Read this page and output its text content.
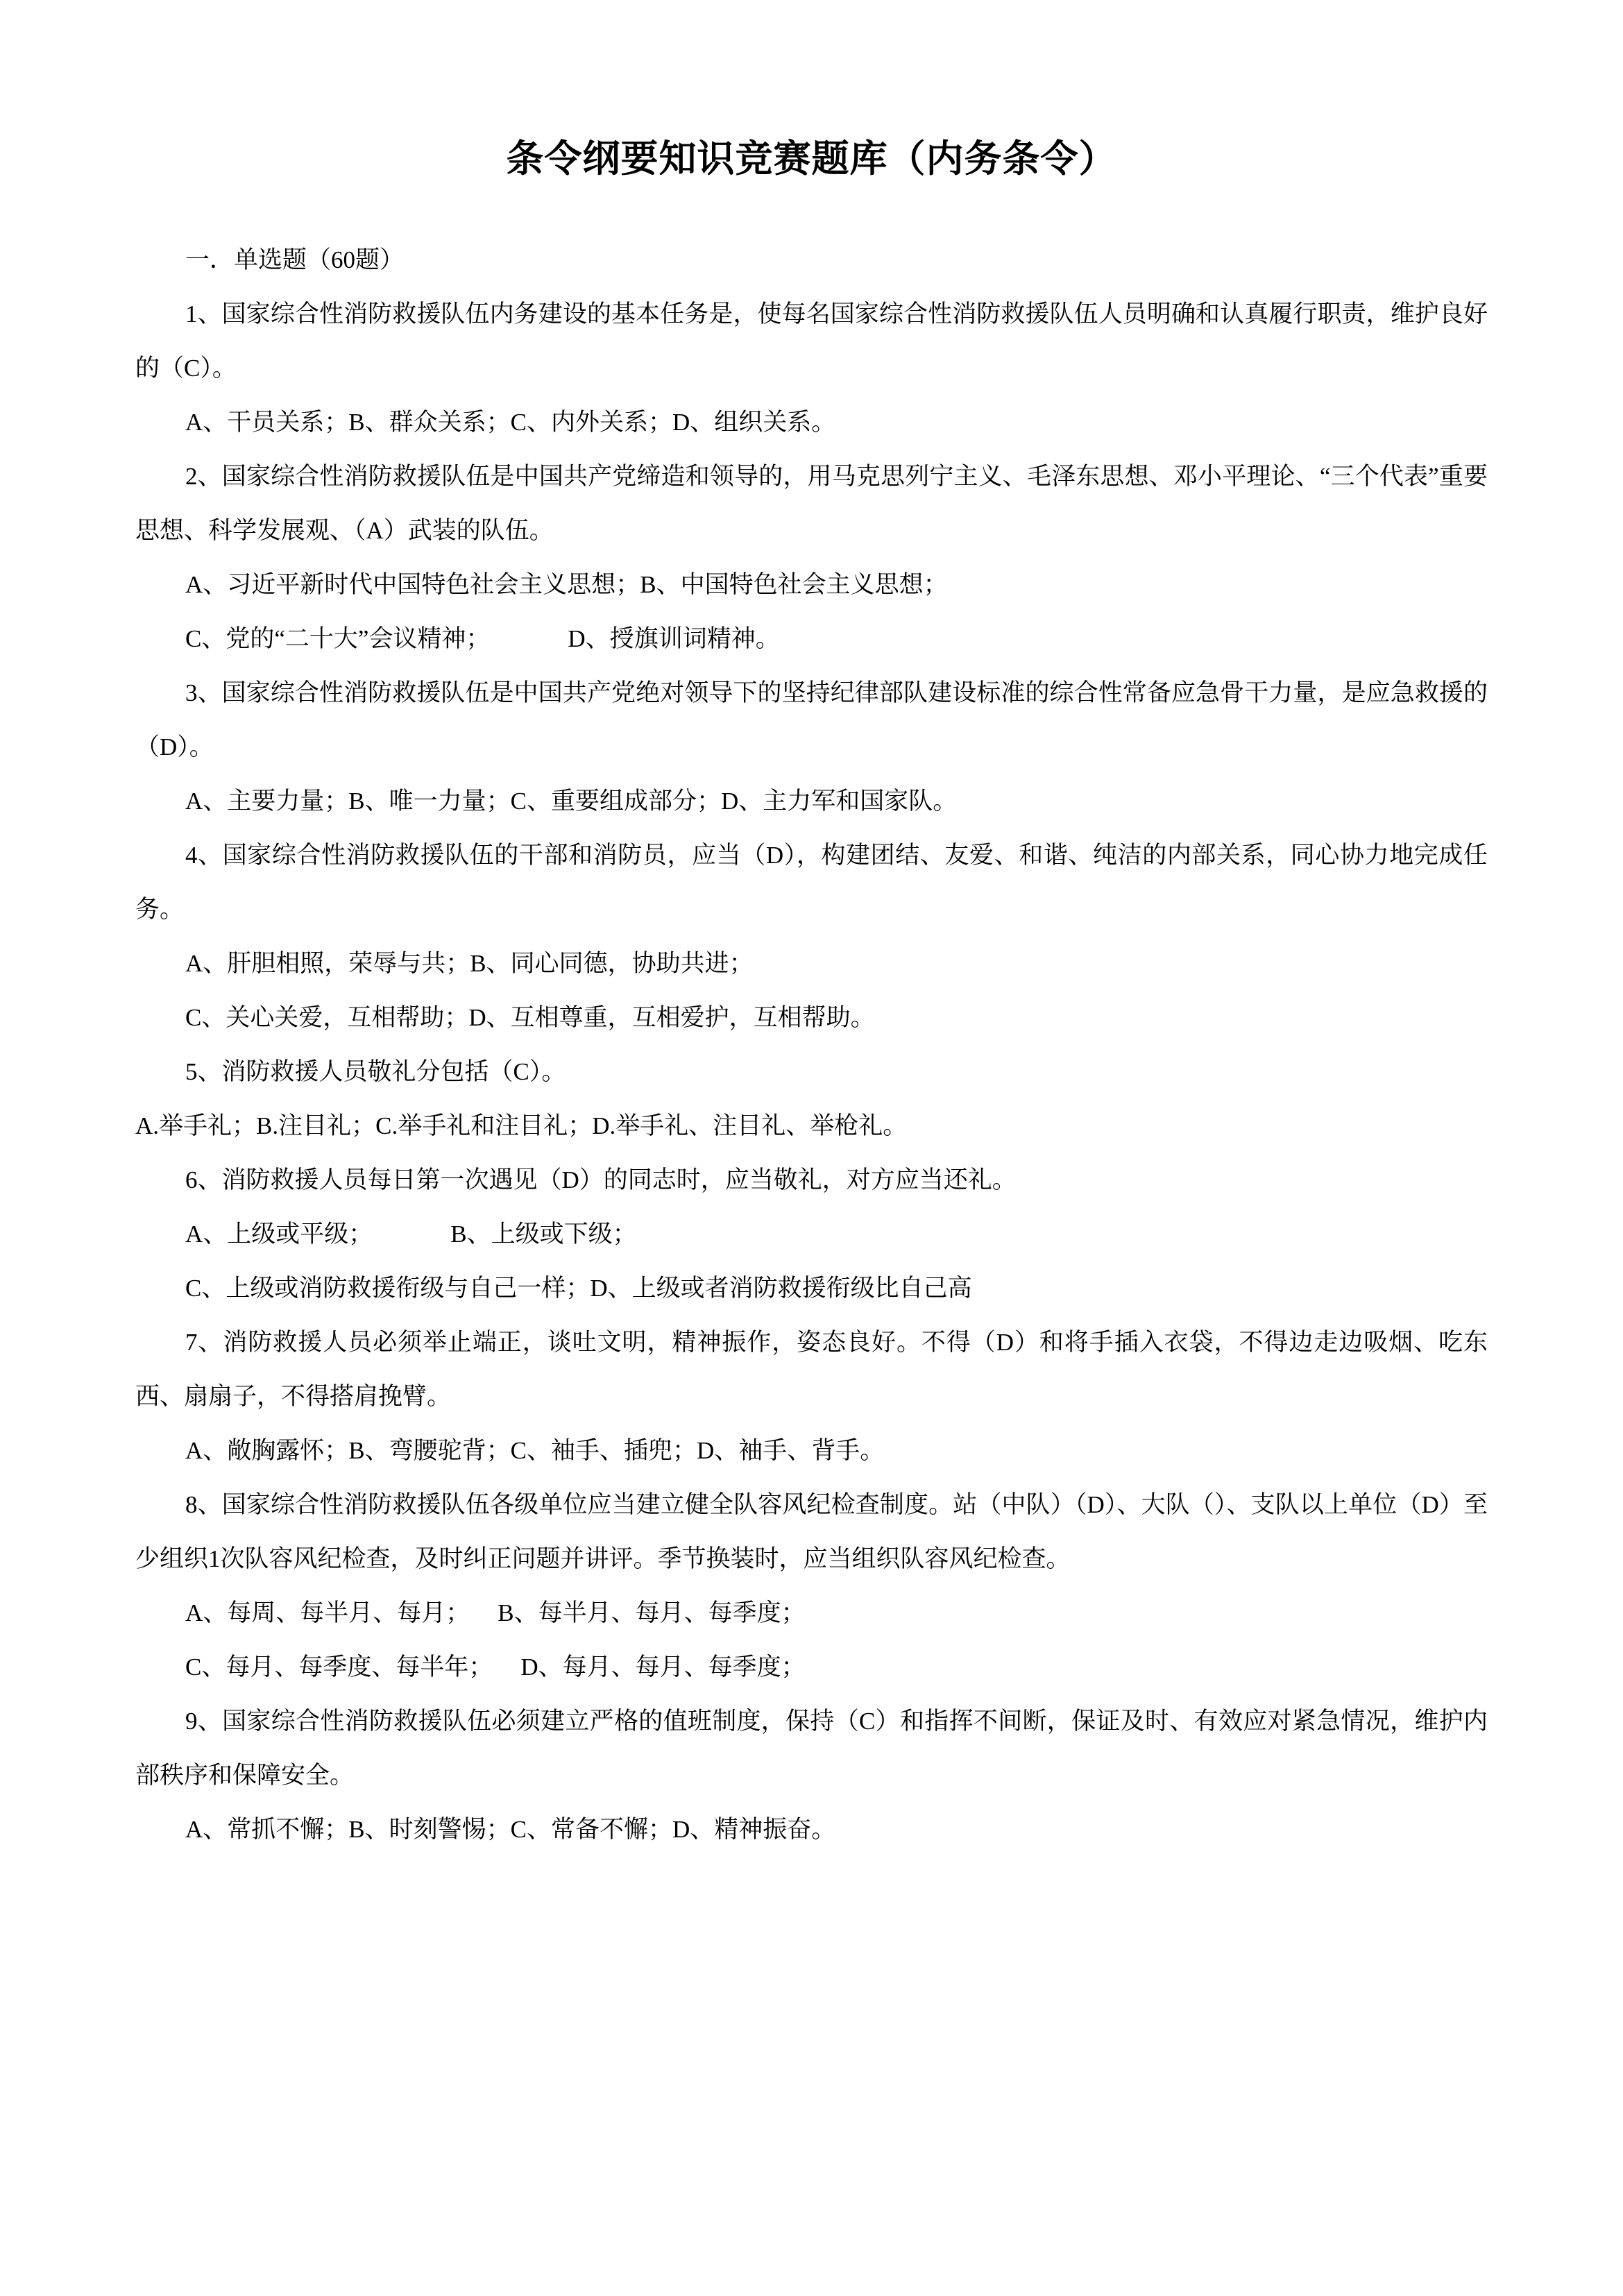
条令纲要知识竞赛题库（内务条令）

一．单选题（60题）

1、国家综合性消防救援队伍内务建设的基本任务是，使每名国家综合性消防救援队伍人员明确和认真履行职责，维护良好的（C）。

A、干员关系；B、群众关系；C、内外关系；D、组织关系。

2、国家综合性消防救援队伍是中国共产党缔造和领导的，用马克思列宁主义、毛泽东思想、邓小平理论、“三个代表”重要思想、科学发展观、（A）武装的队伍。

A、习近平新时代中国特色社会主义思想；B、中国特色社会主义思想；

C、党的“二十大”会议精神；	D、授旗训词精神。

3、国家综合性消防救援队伍是中国共产党绝对领导下的坚持纪律部队建设标准的综合性常备应急骨干力量，是应急救援的（D）。

A、主要力量；B、唯一力量；C、重要组成部分；D、主力军和国家队。

4、国家综合性消防救援队伍的干部和消防员，应当（D），构建团结、友爱、和谐、纯洁的内部关系，同心协力地完成任务。

A、肝胆相照，荣辱与共；B、同心同德，协助共进；

C、关心关爱，互相帮助；D、互相尊重，互相爱护，互相帮助。

5、消防救援人员敬礼分包括（C）。

A.举手礼；B.注目礼；C.举手礼和注目礼；D.举手礼、注目礼、举枪礼。

6、消防救援人员每日第一次遇见（D）的同志时，应当敬礼，对方应当还礼。

A、上级或平级；	B、上级或下级；

C、上级或消防救援衔级与自己一样；D、上级或者消防救援衔级比自己高

7、消防救援人员必须举止端正，谈吐文明，精神振作，姿态良好。不得（D）和将手插入衣袋，不得边走边吸烟、吃东西、扇扇子，不得搭肩挽臂。

A、敞胸露怀；B、弯腰驼背；C、袖手、插兜；D、袖手、背手。

8、国家综合性消防救援队伍各级单位应当建立健全队容风纪检查制度。站（中队）（D）、大队（）、支队以上单位（D）至少组织1次队容风纪检查，及时纠正问题并讲评。季节换装时，应当组织队容风纪检查。

A、每周、每半月、每月； B、每半月、每月、每季度；

C、每月、每季度、每半年； D、每月、每月、每季度；

9、国家综合性消防救援队伍必须建立严格的值班制度，保持（C）和指挥不间断，保证及时、有效应对紧急情况，维护内部秩序和保障安全。

A、常抓不懈；B、时刻警惕；C、常备不懈；D、精神振奋。
